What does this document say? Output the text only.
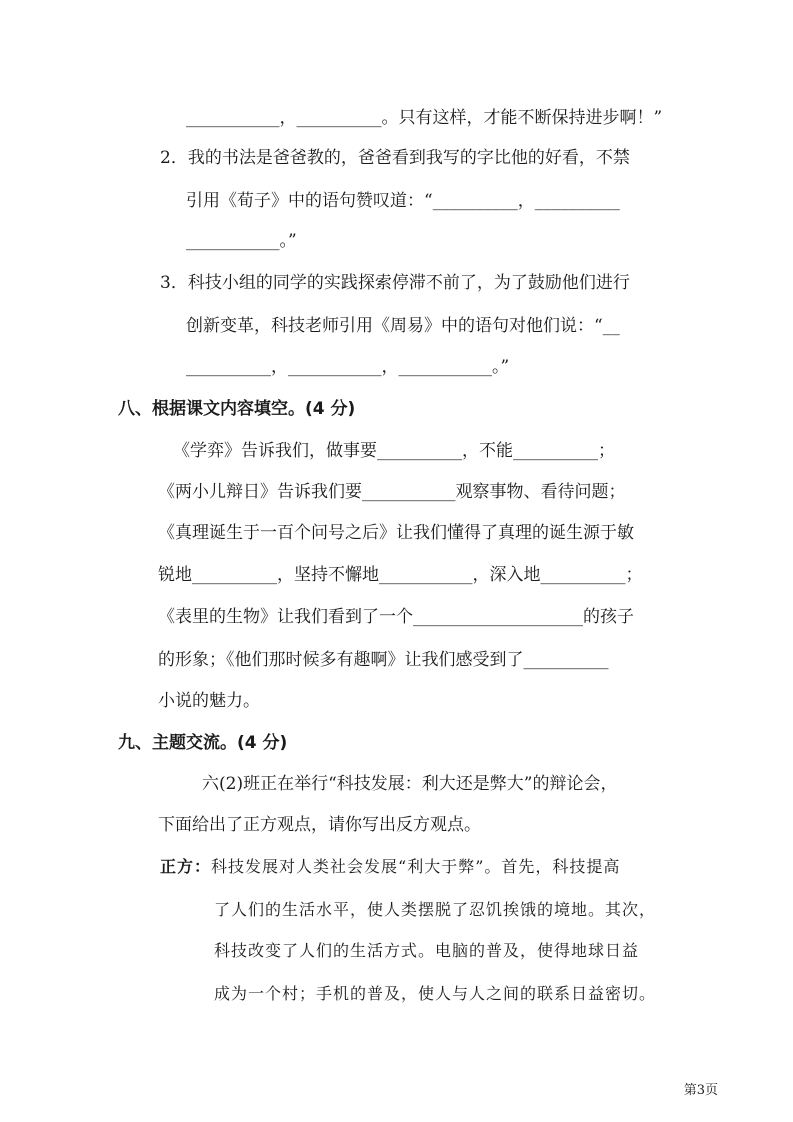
___________，__________。只有这样，才能不断保持进步啊！”
2．我的书法是爸爸教的，爸爸看到我写的字比他的好看，不禁
引用《荀子》中的语句赞叹道：“__________，__________
___________。”
3．科技小组的同学的实践探索停滞不前了，为了鼓励他们进行
创新变革，科技老师引用《周易》中的语句对他们说：“__
__________，___________，___________。”
八、根据课文内容填空。(4 分)
《学弈》告诉我们，做事要__________，不能__________；
《两小儿辩日》告诉我们要___________观察事物、看待问题；
《真理诞生于一百个问号之后》让我们懂得了真理的诞生源于敏
锐地__________，坚持不懈地___________，深入地__________；
《表里的生物》让我们看到了一个____________________的孩子
的形象；《他们那时候多有趣啊》让我们感受到了__________
小说的魅力。
九、主题交流。(4 分)
六(2)班正在举行“科技发展：利大还是弊大”的辩论会，
下面给出了正方观点，请你写出反方观点。
正方：科技发展对人类社会发展“利大于弊”。首先，科技提高
了人们的生活水平，使人类摆脱了忍饥挨饿的境地。其次，
科技改变了人们的生活方式。电脑的普及，使得地球日益
成为一个村；手机的普及，使人与人之间的联系日益密切。
第3页
